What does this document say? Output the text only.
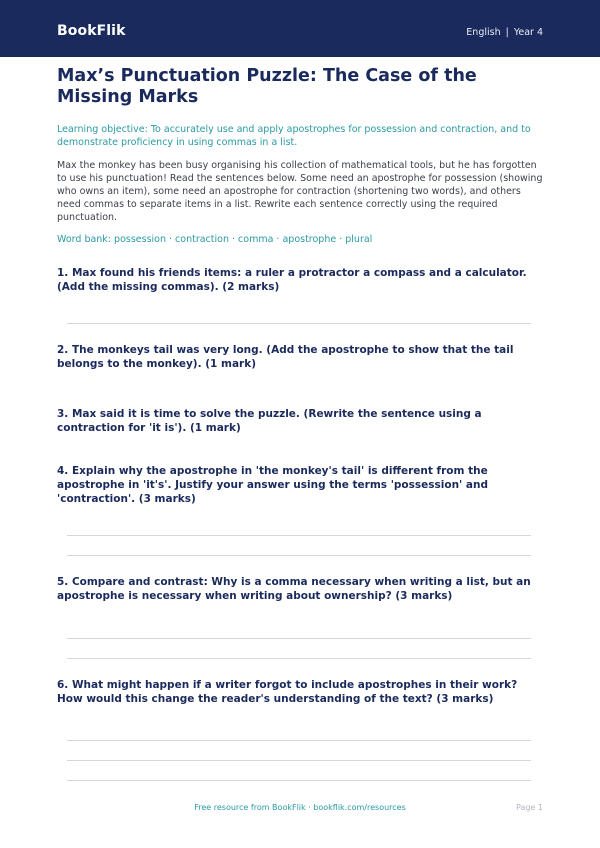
BookFlik	English | Year 4
Max’s Punctuation Puzzle: The Case of the Missing Marks
Learning objective: To accurately use and apply apostrophes for possession and contraction, and to demonstrate proficiency in using commas in a list.
Max the monkey has been busy organising his collection of mathematical tools, but he has forgotten to use his punctuation! Read the sentences below. Some need an apostrophe for possession (showing who owns an item), some need an apostrophe for contraction (shortening two words), and others need commas to separate items in a list. Rewrite each sentence correctly using the required punctuation.
Word bank: possession · contraction · comma · apostrophe · plural
1. Max found his friends items: a ruler a protractor a compass and a calculator. (Add the missing commas). (2 marks)
2. The monkeys tail was very long. (Add the apostrophe to show that the tail belongs to the monkey). (1 mark)
3. Max said it is time to solve the puzzle. (Rewrite the sentence using a contraction for 'it is'). (1 mark)
4. Explain why the apostrophe in 'the monkey's tail' is different from the apostrophe in 'it's'. Justify your answer using the terms 'possession' and 'contraction'. (3 marks)
5. Compare and contrast: Why is a comma necessary when writing a list, but an apostrophe is necessary when writing about ownership? (3 marks)
6. What might happen if a writer forgot to include apostrophes in their work? How would this change the reader's understanding of the text? (3 marks)
Free resource from BookFlik · bookflik.com/resources	Page 1
